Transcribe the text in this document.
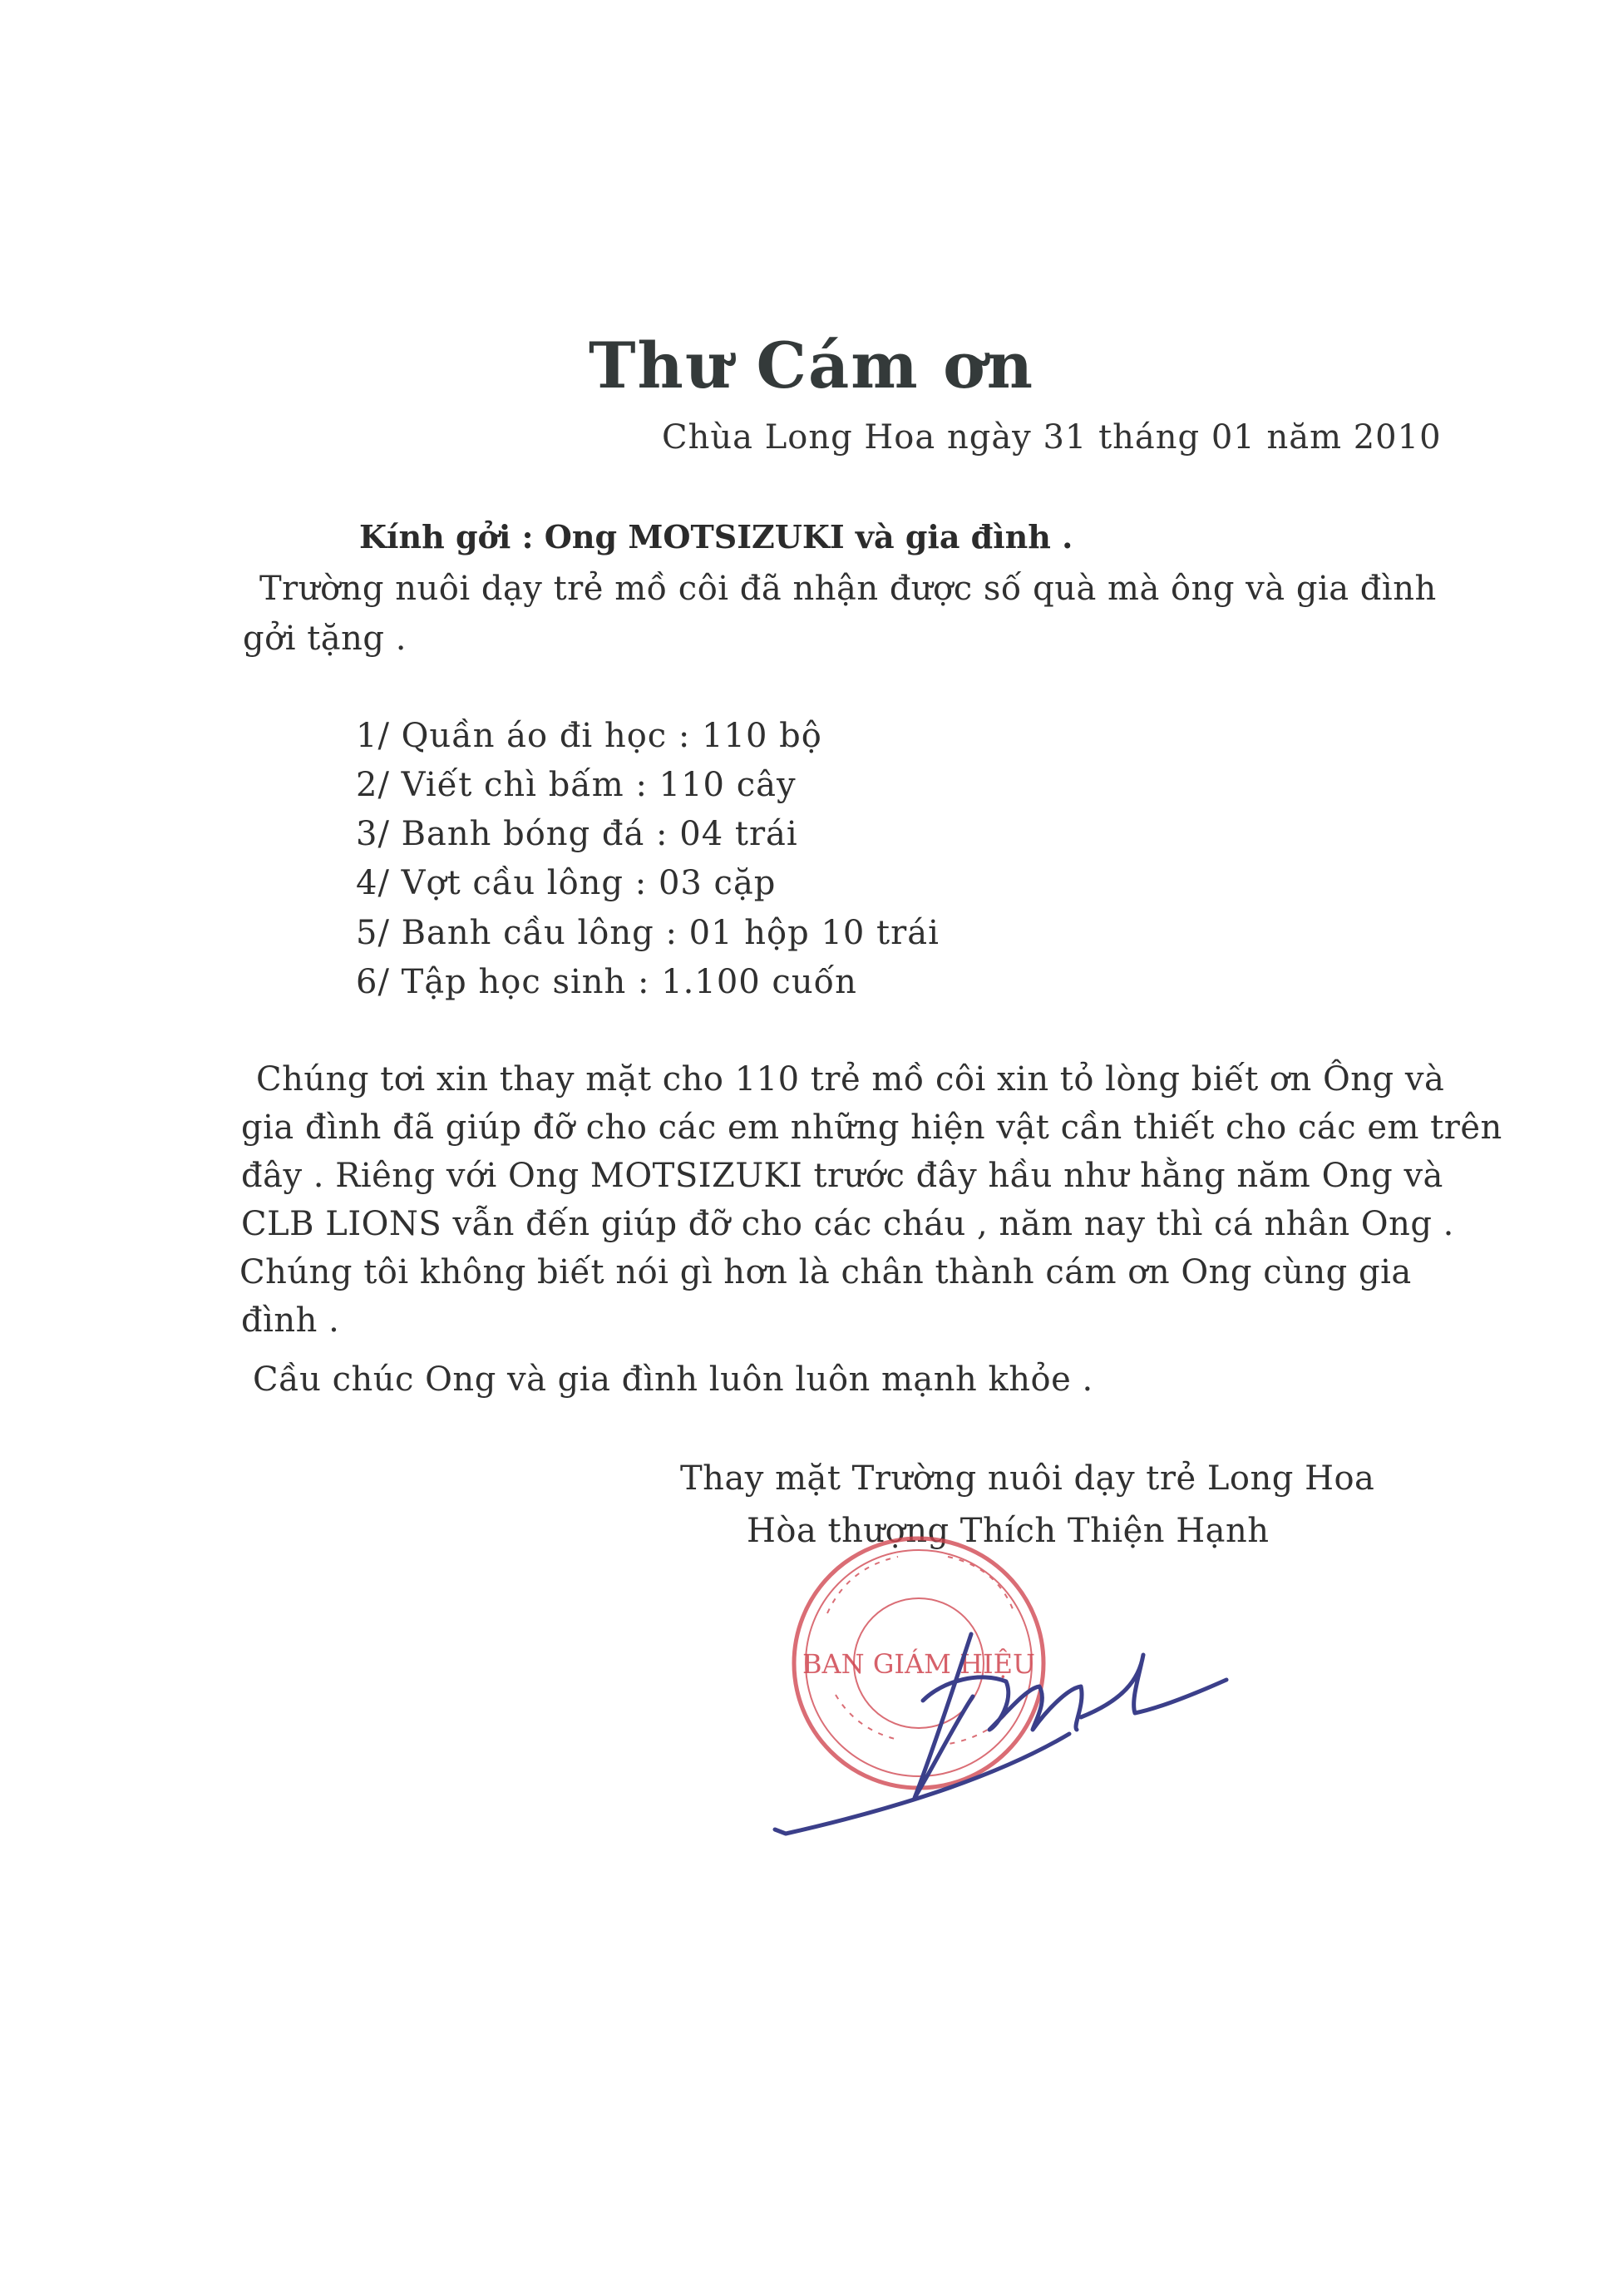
Thư Cám ơn
Chùa Long Hoa ngày 31 tháng 01 năm 2010
Kính gởi : Ong MOTSIZUKI và gia đình .
Trường nuôi dạy trẻ mồ côi đã nhận được số quà mà ông và gia đình
gởi tặng .
1/ Quần áo đi học : 110 bộ
2/ Viết chì bấm : 110 cây
3/ Banh bóng đá : 04 trái
4/ Vợt cầu lông : 03 cặp
5/ Banh cầu lông : 01 hộp 10 trái
6/ Tập học sinh : 1.100 cuốn
Chúng tơi xin thay mặt cho 110 trẻ mồ côi xin tỏ lòng biết ơn Ông và
gia đình đã giúp đỡ cho các em những hiện vật cần thiết cho các em trên
đây . Riêng với Ong MOTSIZUKI trước đây hầu như hằng năm Ong và
CLB LIONS vẫn đến giúp đỡ cho các cháu , năm nay thì cá nhân Ong .
Chúng tôi không biết nói gì hơn là chân thành cám ơn Ong cùng gia
đình .
Cầu chúc Ong và gia đình luôn luôn mạnh khỏe .
Thay mặt Trường nuôi dạy trẻ Long Hoa
Hòa thượng Thích Thiện Hạnh
BAN GIÁM HIỆU
